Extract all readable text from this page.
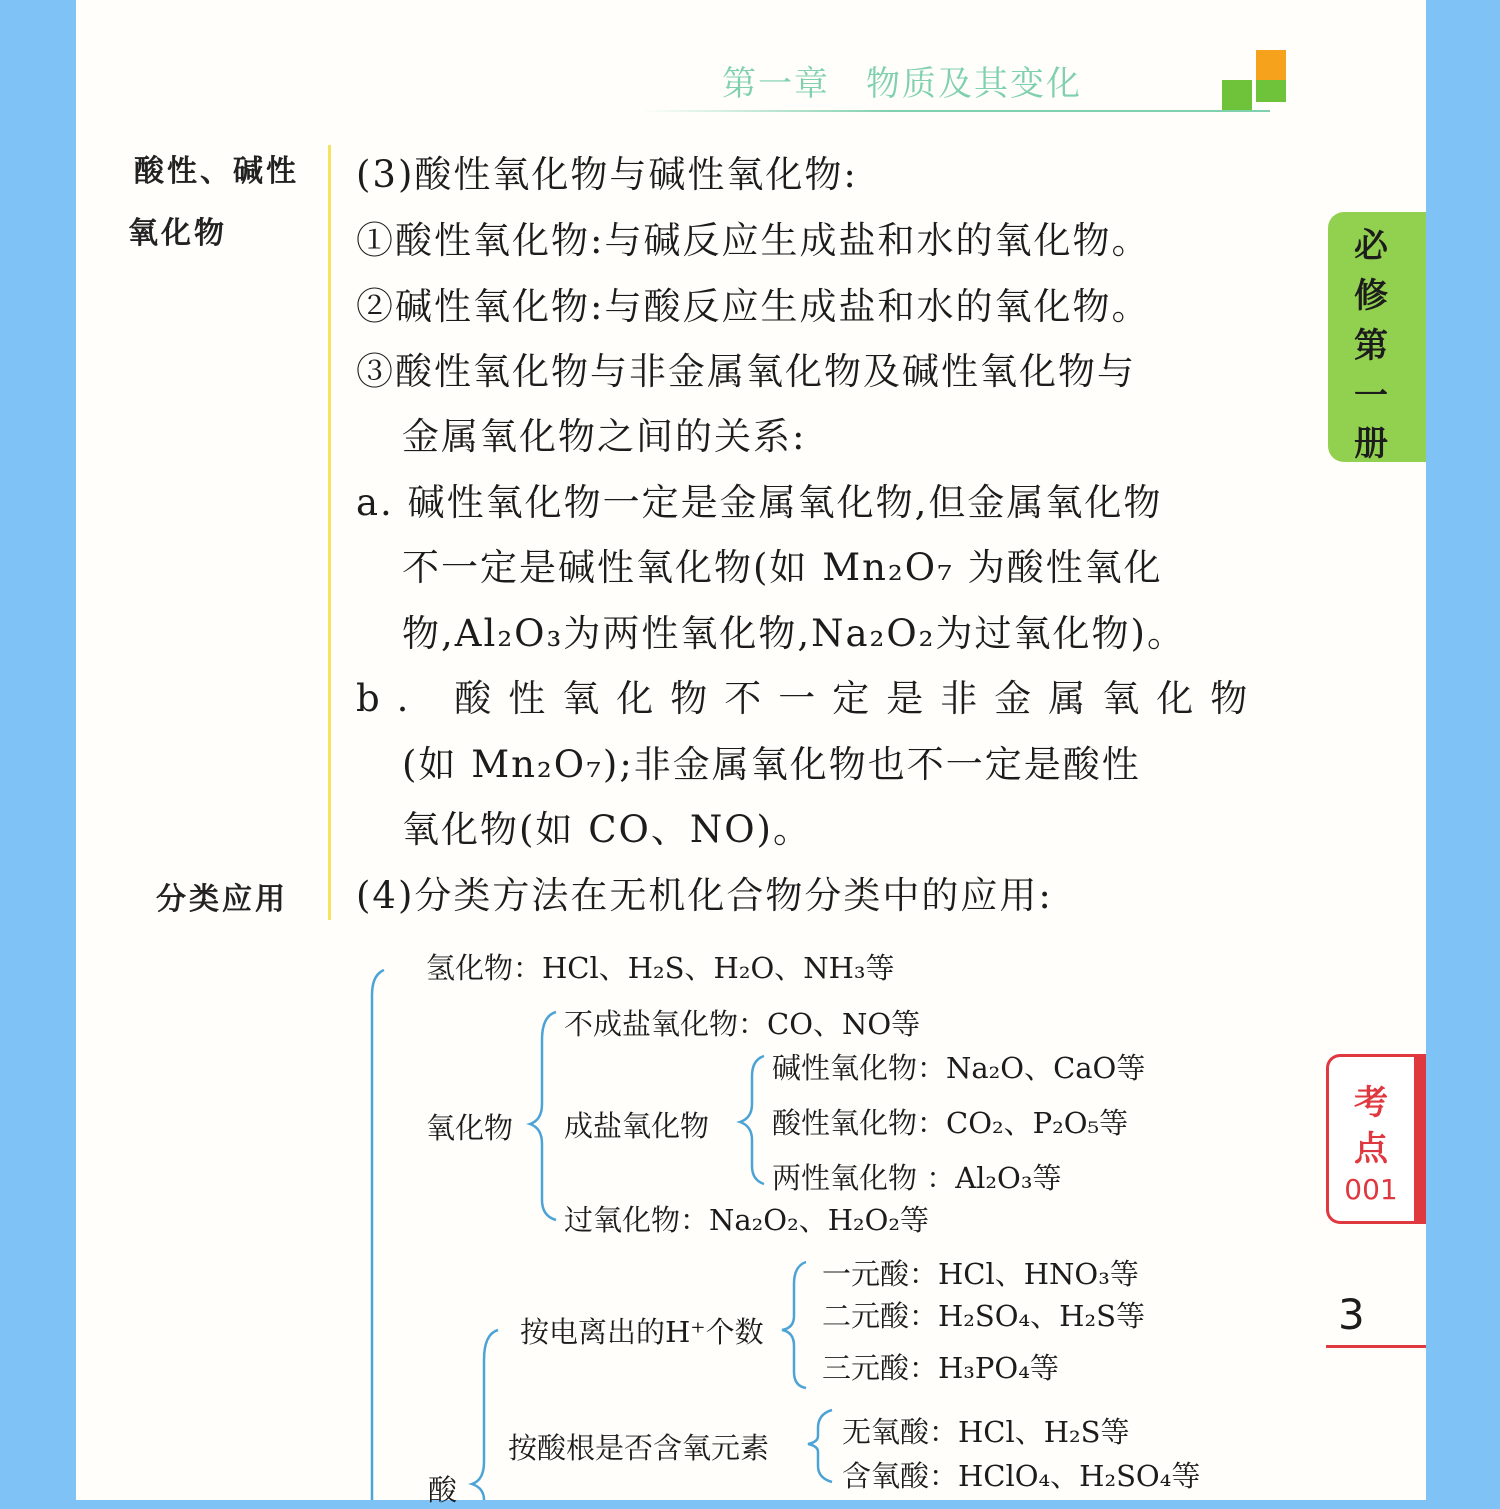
第一章　物质及其变化
必
修
第
一
册
考
点
001
3
酸性、碱性
氧化物
分类应用
(3)酸性氧化物与碱性氧化物:
①酸性氧化物:与碱反应生成盐和水的氧化物。
②碱性氧化物:与酸反应生成盐和水的氧化物。
③酸性氧化物与非金属氧化物及碱性氧化物与
金属氧化物之间的关系:
a. 碱性氧化物一定是金属氧化物,但金属氧化物
不一定是碱性氧化物(如 Mn₂O₇ 为酸性氧化
物,Al₂O₃为两性氧化物,Na₂O₂为过氧化物)。
b. 酸性氧化物不一定是非金属氧化物
(如 Mn₂O₇);非金属氧化物也不一定是酸性
氧化物(如 CO、NO)。
(4)分类方法在无机化合物分类中的应用:
氢化物：HCl、H₂S、H₂O、NH₃等
氧化物
不成盐氧化物：CO、NO等
成盐氧化物
碱性氧化物：Na₂O、CaO等
酸性氧化物：CO₂、P₂O₅等
两性氧化物 ：Al₂O₃等
过氧化物：Na₂O₂、H₂O₂等
按电离出的H⁺个数
一元酸：HCl、HNO₃等
二元酸：H₂SO₄、H₂S等
三元酸：H₃PO₄等
按酸根是否含氧元素	无氧酸：HCl、H₂S等
含氧酸：HClO₄、H₂SO₄等
酸
